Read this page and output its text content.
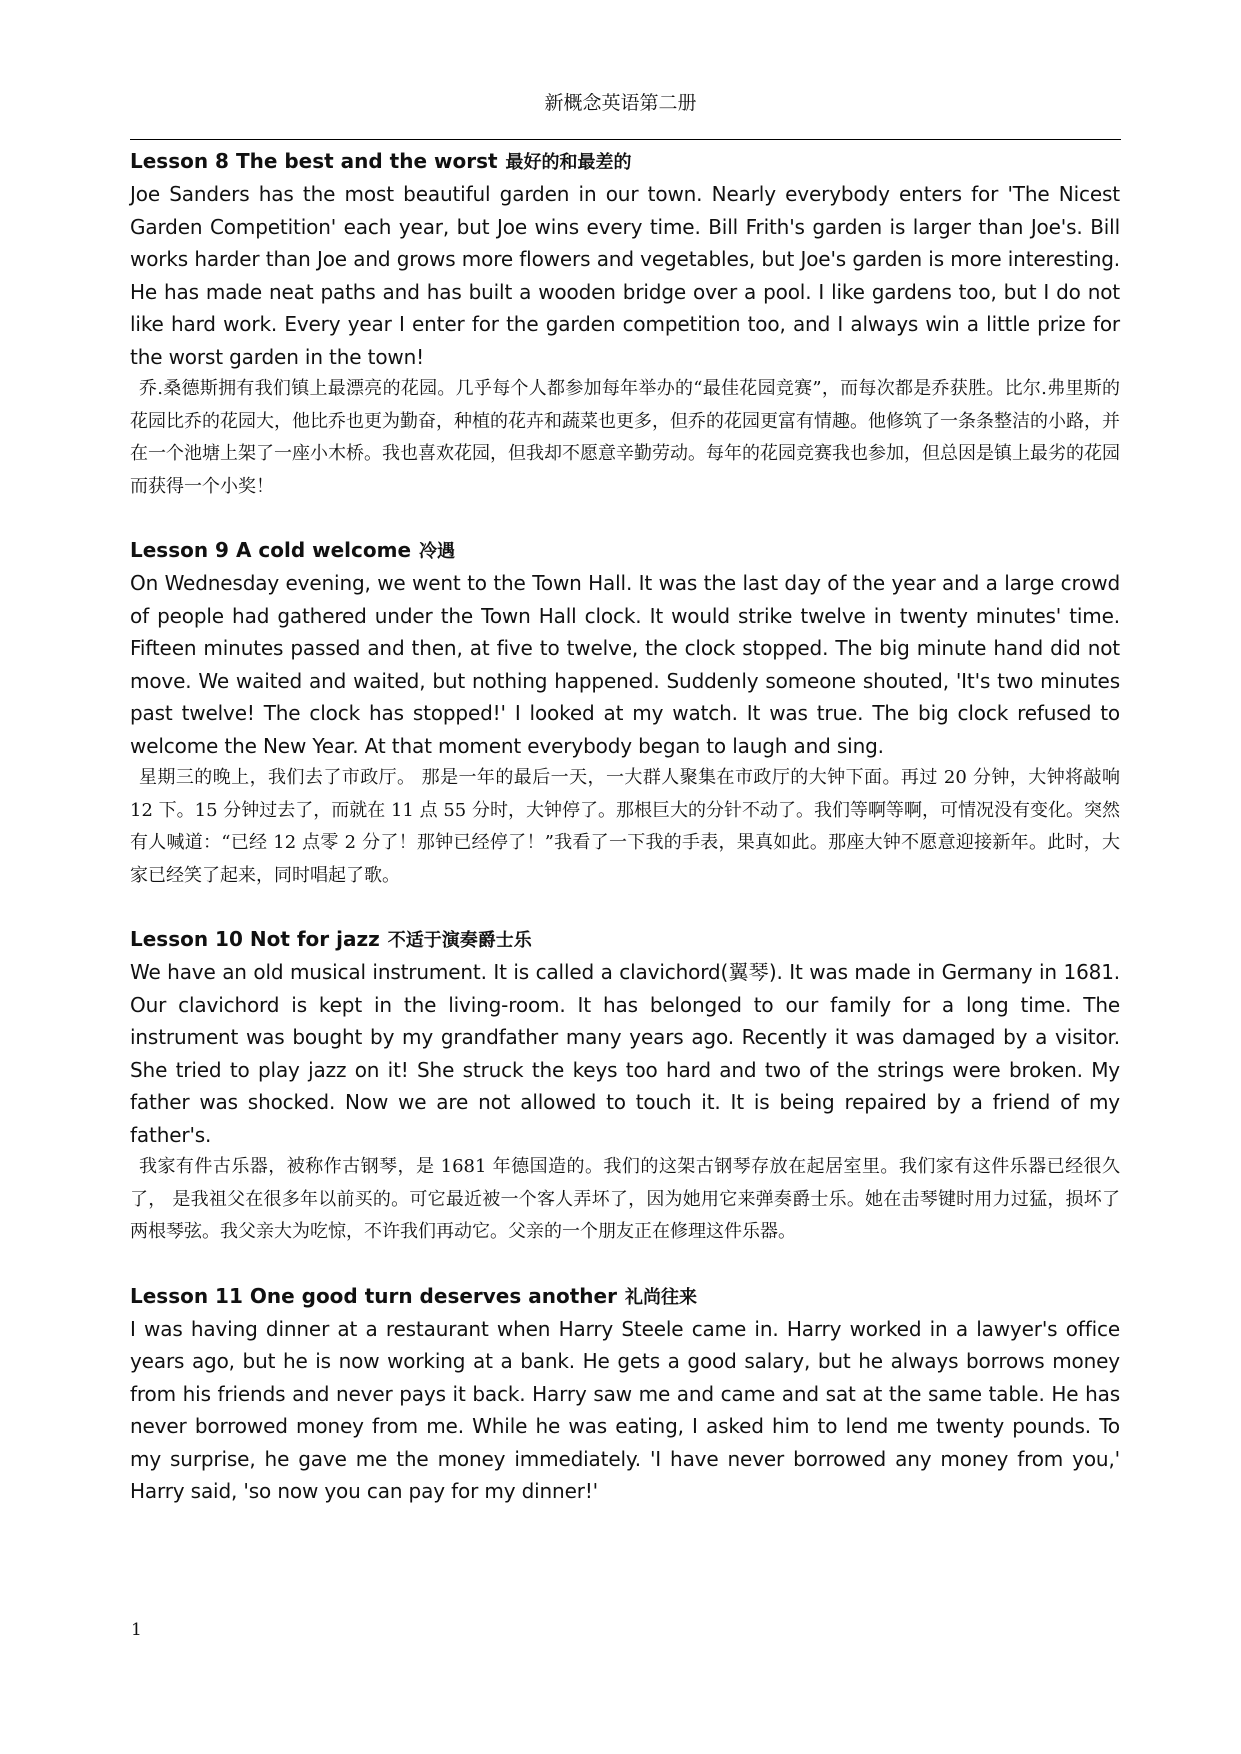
新概念英语第二册
Lesson 8 The best and the worst 最好的和最差的

Joe Sanders has the most beautiful garden in our town. Nearly everybody enters for 'The Nicest Garden Competition' each year, but Joe wins every time. Bill Frith's garden is larger than Joe's. Bill works harder than Joe and grows more flowers and vegetables, but Joe's garden is more interesting. He has made neat paths and has built a wooden bridge over a pool. I like gardens too, but I do not like hard work. Every year I enter for the garden competition too, and I always win a little prize for the worst garden in the town!

乔.桑德斯拥有我们镇上最漂亮的花园。几乎每个人都参加每年举办的“最佳花园竞赛”，而每次都是乔获胜。比尔.弗里斯的花园比乔的花园大，他比乔也更为勤奋，种植的花卉和蔬菜也更多，但乔的花园更富有情趣。他修筑了一条条整洁的小路，并在一个池塘上架了一座小木桥。我也喜欢花园，但我却不愿意辛勤劳动。每年的花园竞赛我也参加，但总因是镇上最劣的花园而获得一个小奖！

Lesson 9 A cold welcome 冷遇

On Wednesday evening, we went to the Town Hall. It was the last day of the year and a large crowd of people had gathered under the Town Hall clock. It would strike twelve in twenty minutes' time. Fifteen minutes passed and then, at five to twelve, the clock stopped. The big minute hand did not move. We waited and waited, but nothing happened. Suddenly someone shouted, 'It's two minutes past twelve! The clock has stopped!' I looked at my watch. It was true. The big clock refused to welcome the New Year. At that moment everybody began to laugh and sing.

星期三的晚上，我们去了市政厅。 那是一年的最后一天，一大群人聚集在市政厅的大钟下面。再过 20 分钟，大钟将敲响 12 下。15 分钟过去了，而就在 11 点 55 分时，大钟停了。那根巨大的分针不动了。我们等啊等啊，可情况没有变化。突然有人喊道：“已经 12 点零 2 分了！那钟已经停了！”我看了一下我的手表，果真如此。那座大钟不愿意迎接新年。此时，大家已经笑了起来，同时唱起了歌。

Lesson 10 Not for jazz 不适于演奏爵士乐

We have an old musical instrument. It is called a clavichord(翼琴). It was made in Germany in 1681. Our clavichord is kept in the living-room. It has belonged to our family for a long time. The instrument was bought by my grandfather many years ago. Recently it was damaged by a visitor. She tried to play jazz on it! She struck the keys too hard and two of the strings were broken. My father was shocked. Now we are not allowed to touch it. It is being repaired by a friend of my father's.

我家有件古乐器，被称作古钢琴，是 1681 年德国造的。我们的这架古钢琴存放在起居室里。我们家有这件乐器已经很久了， 是我祖父在很多年以前买的。可它最近被一个客人弄坏了，因为她用它来弹奏爵士乐。她在击琴键时用力过猛，损坏了两根琴弦。我父亲大为吃惊，不许我们再动它。父亲的一个朋友正在修理这件乐器。

Lesson 11 One good turn deserves another 礼尚往来

I was having dinner at a restaurant when Harry Steele came in. Harry worked in a lawyer's office years ago, but he is now working at a bank. He gets a good salary, but he always borrows money from his friends and never pays it back. Harry saw me and came and sat at the same table. He has never borrowed money from me. While he was eating, I asked him to lend me twenty pounds. To my surprise, he gave me the money immediately. 'I have never borrowed any money from you,' Harry said, 'so now you can pay for my dinner!'

1
